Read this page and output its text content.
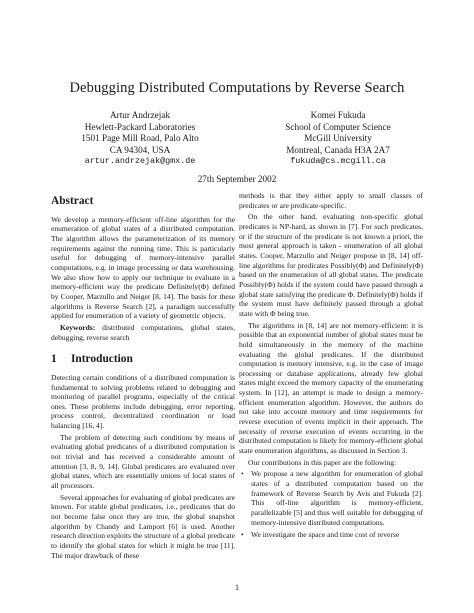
Debugging Distributed Computations by Reverse Search
Artur Andrzejak
Hewlett-Packard Laboratories
1501 Page Mill Road, Palo Alto
CA 94304, USA
artur.andrzejak@gmx.de
Komei Fukuda
School of Computer Science
McGill University
Montreal, Canada H3A 2A7
fukuda@cs.mcgill.ca
27th September 2002
Abstract

We develop a memory-efficient off-line algorithm for the enumeration of global states of a distributed computation. The algorithm allows the parameterization of its memory requirements against the running time. This is particularly useful for debugging of memory-intensive parallel computations, e.g. in image processing or data warehousing. We also show how to apply our technique to evaluate in a memory-efficient way the predicate Definitely(Φ) defined by Cooper, Marzullo and Neiger [8, 14]. The basis for these algorithms is Reverse Search [2], a paradigm successfully applied for enumeration of a variety of geometric objects.

Keywords: distributed computations, global states, debugging, reverse search

1 Introduction

Detecting certain conditions of a distributed computation is fundamental to solving problems related to debugging and monitoring of parallel programs, especially of the critical ones. These problems include debugging, error reporting, process control, decentralized coordination or load balancing [16, 4].

The problem of detecting such conditions by means of evaluating global predicates of a distributed computation is not trivial and has received a considerable amount of attention [3, 8, 9, 14]. Global predicates are evaluated over global states, which are essentially unions of local states of all processors.

Several approaches for evaluating of global predicates are known. For stable global predicates, i.e., predicates that do not become false once they are true, the global snapshot algorithm by Chandy and Lamport [6] is used. Another research direction exploits the structure of a global predicate to identify the global states for which it might be true [11]. The major drawback of these

methods is that they either apply to small classes of predicates or are predicate-specific.

On the other hand, evaluating non-specific global predicates is NP-hard, as shown in [7]. For such predicates, or if the structure of the predicate is not known a priori, the most general approach is taken - enumeration of all global states. Cooper, Marzullo and Neiger propose in [8, 14] off-line algorithms for predicates Possibly(Φ) and Definitely(Φ) based on the enumeration of all global states. The predicate Possibly(Φ) holds if the system could have passed through a global state satisfying the predicate Φ. Definitely(Φ) holds if the system must have definitely passed through a global state with Φ being true.

The algorithms in [8, 14] are not memory-efficient: it is possible that an exponential number of global states must be hold simultaneously in the memory of the machine evaluating the global predicates. If the distributed computation is memory intensive, e.g. in the case of image processing or database applications, already few global states might exceed the memory capacity of the enumerating system. In [12], an attempt is made to design a memory-efficient enumeration algorithm. However, the authors do not take into account memory and time requirements for reverse execution of events implicit in their approach. The necessity of reverse execution of events occurring in the distributed computation is likely for memory-efficient global state enumeration algorithms, as discussed in Section 3.

Our contributions in this paper are the following:

• We propose a new algorithm for enumeration of global states of a distributed computation based on the framework of Reverse Search by Avis and Fukuda [2]. This off-line algorithm is memory-efficient, parallelizable [5] and thus well suitable for debugging of memory-intensive distributed computations.
• We investigate the space and time cost of reverse
1
